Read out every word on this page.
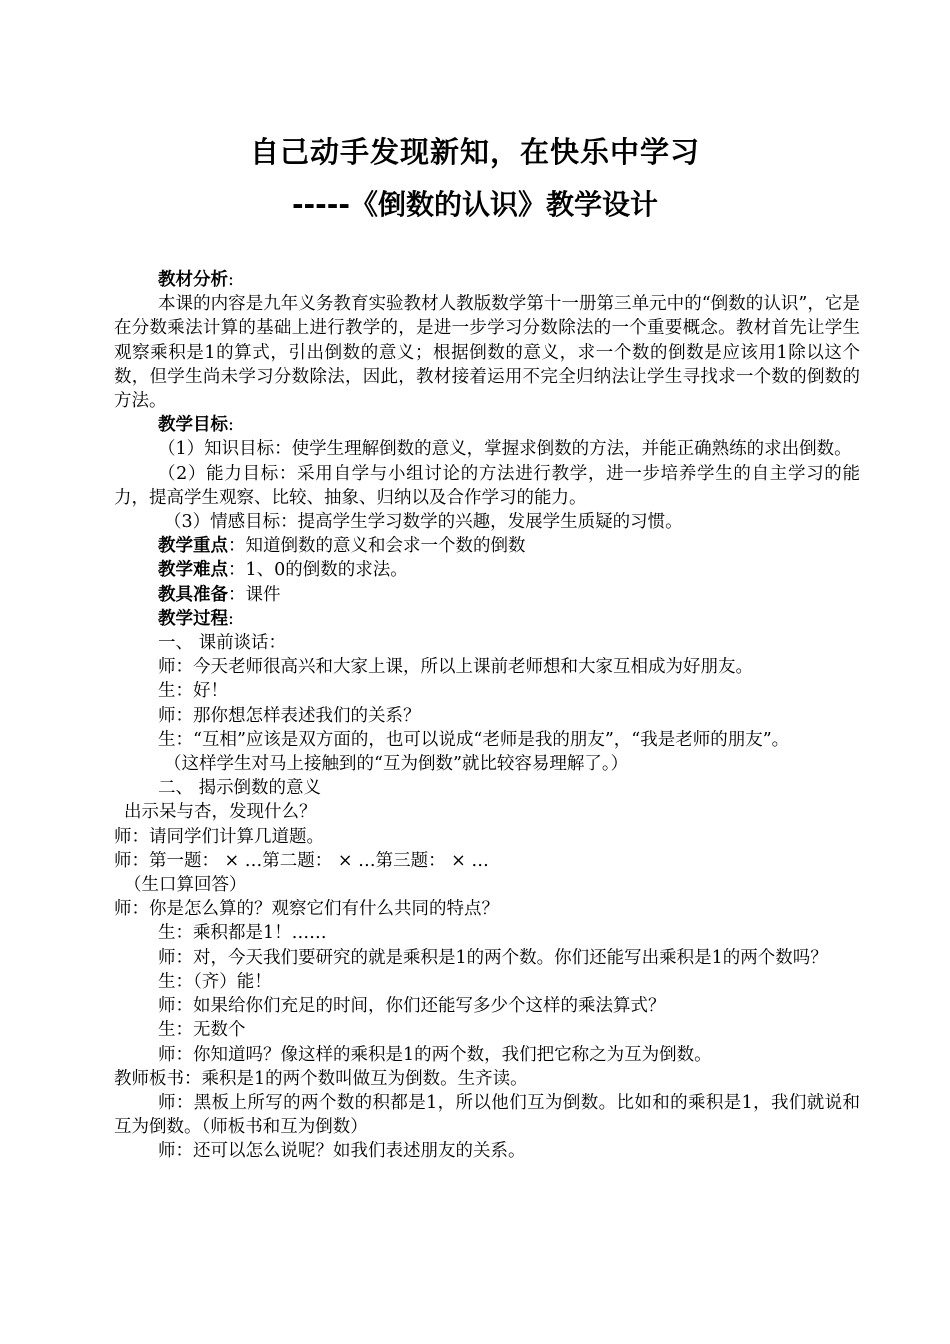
自己动手发现新知，在快乐中学习
-----《倒数的认识》教学设计

教材分析:

本课的内容是九年义务教育实验教材人教版数学第十一册第三单元中的“倒数的认识”，它是在分数乘法计算的基础上进行教学的，是进一步学习分数除法的一个重要概念。教材首先让学生观察乘积是1的算式，引出倒数的意义；根据倒数的意义，求一个数的倒数是应该用1除以这个数，但学生尚未学习分数除法，因此，教材接着运用不完全归纳法让学生寻找求一个数的倒数的方法。

教学目标:

（1）知识目标：使学生理解倒数的意义，掌握求倒数的方法，并能正确熟练的求出倒数。

（2）能力目标：采用自学与小组讨论的方法进行教学，进一步培养学生的自主学习的能力，提高学生观察、比较、抽象、归纳以及合作学习的能力。

（3）情感目标：提高学生学习数学的兴趣，发展学生质疑的习惯。

教学重点：知道倒数的意义和会求一个数的倒数

教学难点：1、0的倒数的求法。

教具准备：课件

教学过程:

一、 课前谈话：

师：今天老师很高兴和大家上课，所以上课前老师想和大家互相成为好朋友。

生：好！

师：那你想怎样表述我们的关系？

生：“互相”应该是双方面的，也可以说成“老师是我的朋友”，“我是老师的朋友”。

（这样学生对马上接触到的“互为倒数”就比较容易理解了。）

二、 揭示倒数的意义

出示呆与杏，发现什么？

师：请同学们计算几道题。

师：第一题： × …第二题： × …第三题： × …

（生口算回答）

师：你是怎么算的？观察它们有什么共同的特点？

生：乘积都是1！……

师：对，今天我们要研究的就是乘积是1的两个数。你们还能写出乘积是1的两个数吗？

生：（齐）能！

师：如果给你们充足的时间，你们还能写多少个这样的乘法算式？

生：无数个

师：你知道吗？像这样的乘积是1的两个数，我们把它称之为互为倒数。

教师板书：乘积是1的两个数叫做互为倒数。生齐读。

师：黑板上所写的两个数的积都是1，所以他们互为倒数。比如和的乘积是1，我们就说和互为倒数。（师板书和互为倒数）

师：还可以怎么说呢？如我们表述朋友的关系。
